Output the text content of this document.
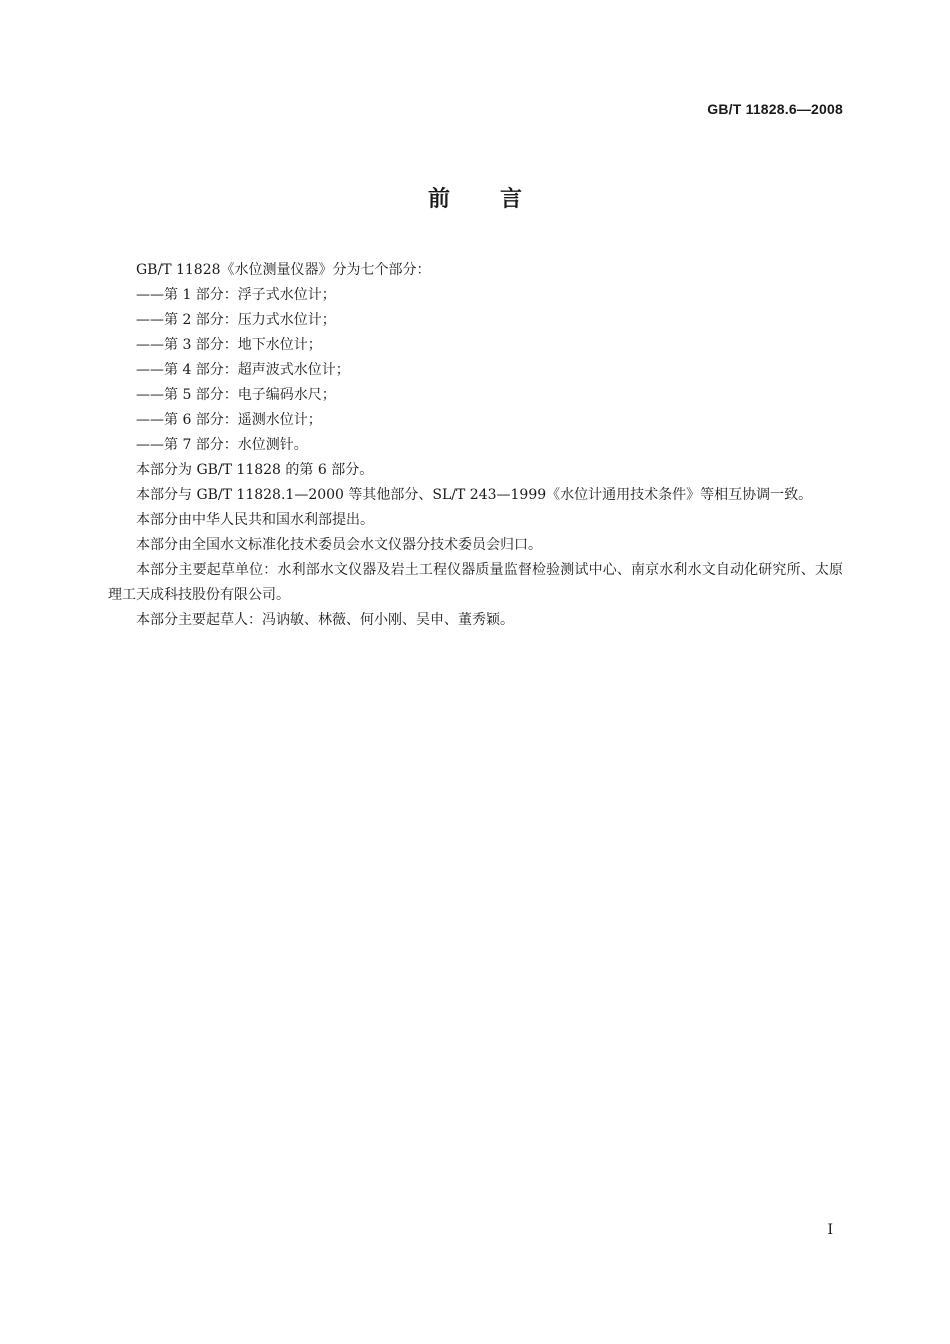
GB/T 11828.6—2008
前言

GB/T 11828《水位测量仪器》分为七个部分：

——第 1 部分：浮子式水位计；

——第 2 部分：压力式水位计；

——第 3 部分：地下水位计；

——第 4 部分：超声波式水位计；

——第 5 部分：电子编码水尺；

——第 6 部分：遥测水位计；

——第 7 部分：水位测针。

本部分为 GB/T 11828 的第 6 部分。

本部分与 GB/T 11828.1—2000 等其他部分、SL/T 243—1999《水位计通用技术条件》等相互协调一致。

本部分由中华人民共和国水利部提出。

本部分由全国水文标准化技术委员会水文仪器分技术委员会归口。

本部分主要起草单位：水利部水文仪器及岩土工程仪器质量监督检验测试中心、南京水利水文自动化研究所、太原理工天成科技股份有限公司。

本部分主要起草人：冯讷敏、林薇、何小刚、吴申、董秀颖。

I
